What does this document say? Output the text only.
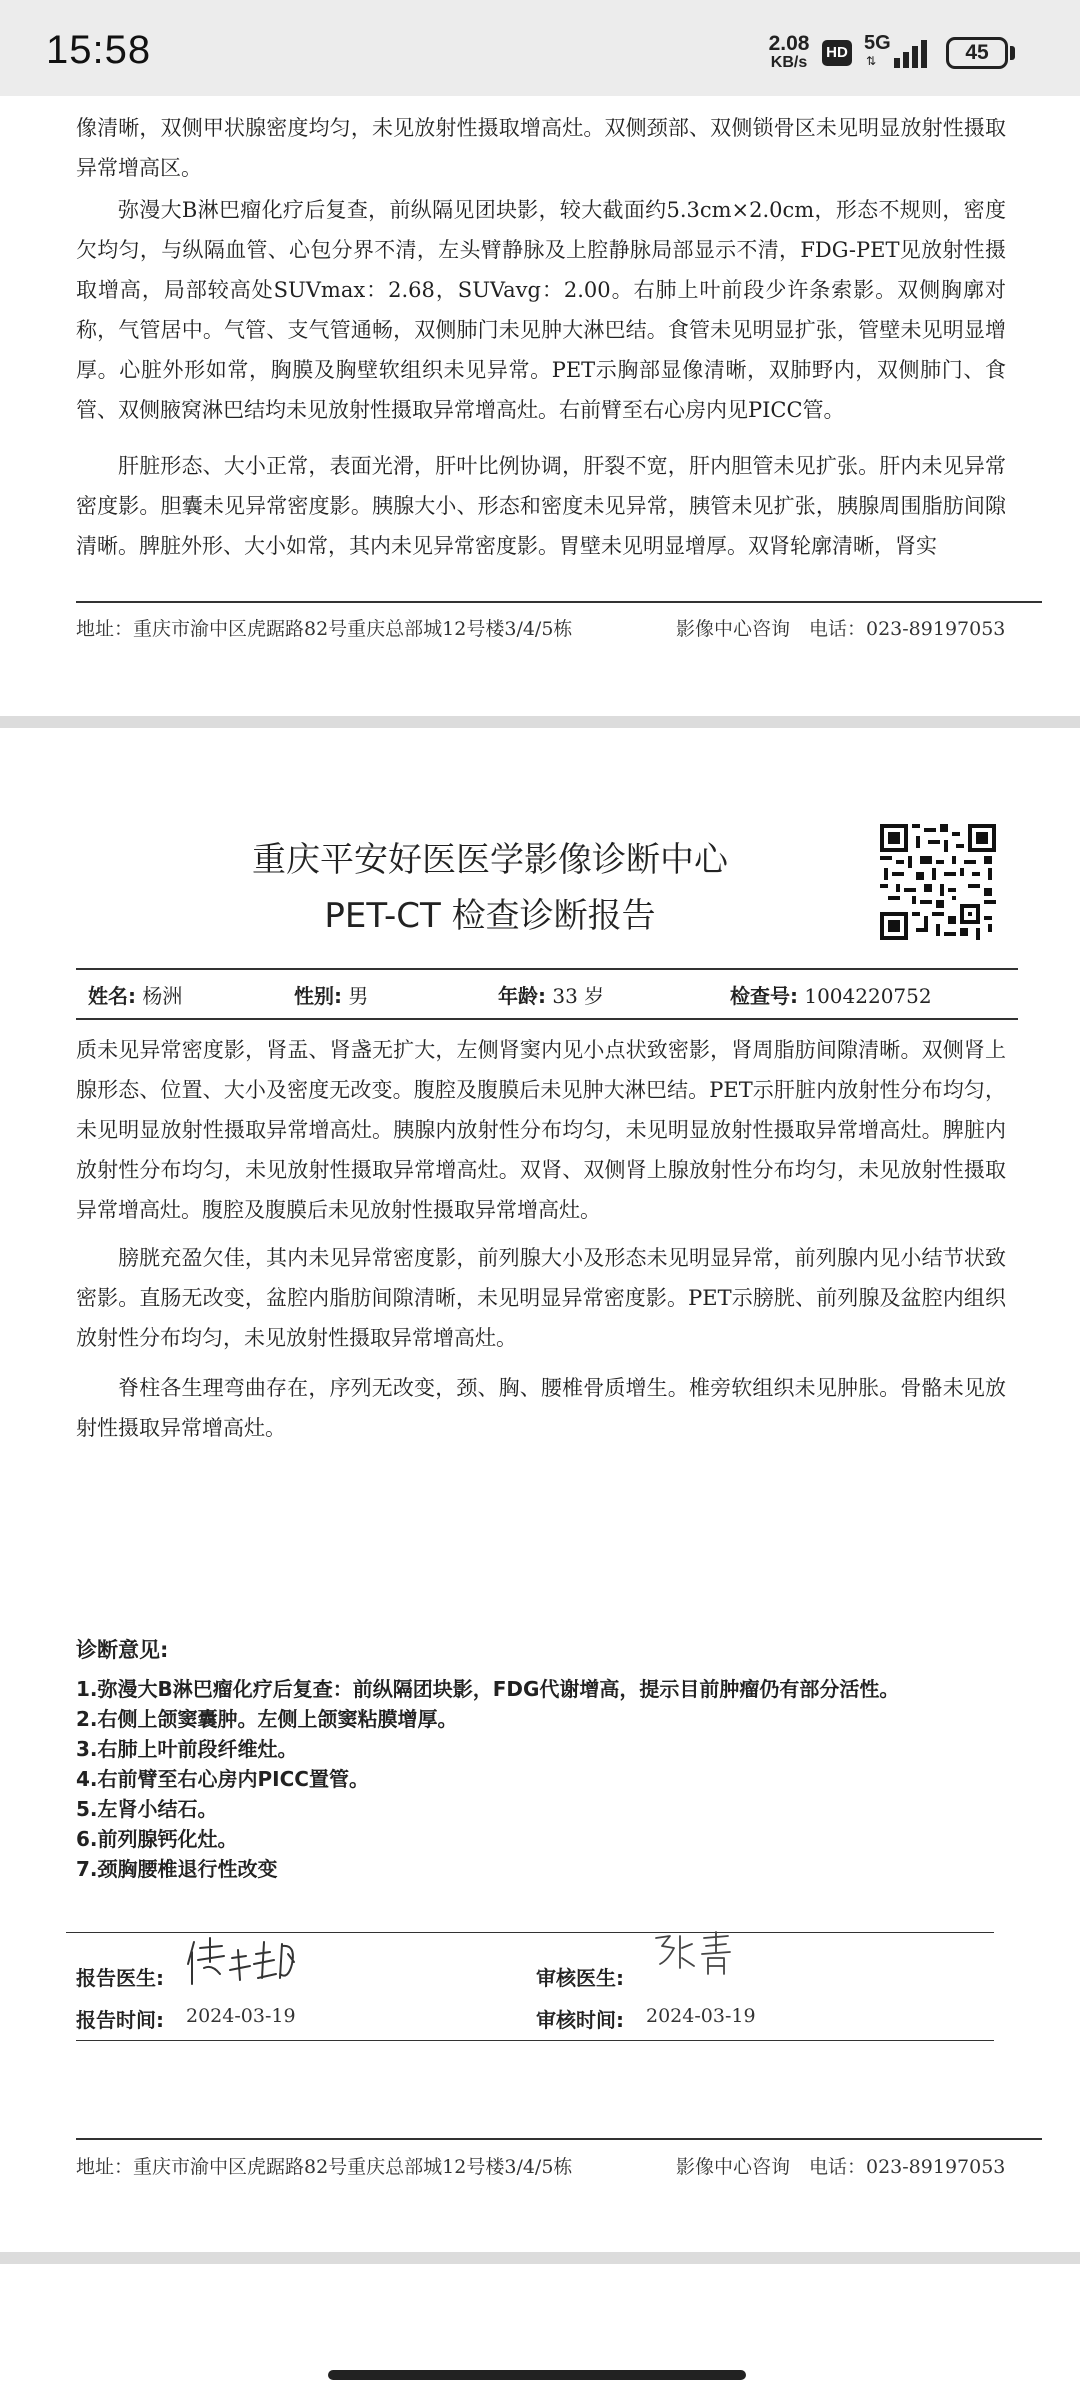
15:58	2.08
KB/s
HD 5G
⇅	45
像清晰，双侧甲状腺密度均匀，未见放射性摄取增高灶。双侧颈部、双侧锁骨区未见明显放射性摄取异常增高区。
弥漫大B淋巴瘤化疗后复查，前纵隔见团块影，较大截面约5.3cm×2.0cm，形态不规则，密度欠均匀，与纵隔血管、心包分界不清，左头臂静脉及上腔静脉局部显示不清，FDG-PET见放射性摄取增高，局部较高处SUVmax：2.68，SUVavg：2.00。右肺上叶前段少许条索影。双侧胸廓对称，气管居中。气管、支气管通畅，双侧肺门未见肿大淋巴结。食管未见明显扩张，管壁未见明显增厚。心脏外形如常，胸膜及胸壁软组织未见异常。PET示胸部显像清晰，双肺野内，双侧肺门、食管、双侧腋窝淋巴结均未见放射性摄取异常增高灶。右前臂至右心房内见PICC管。
肝脏形态、大小正常，表面光滑，肝叶比例协调，肝裂不宽，肝内胆管未见扩张。肝内未见异常密度影。胆囊未见异常密度影。胰腺大小、形态和密度未见异常，胰管未见扩张，胰腺周围脂肪间隙清晰。脾脏外形、大小如常，其内未见异常密度影。胃壁未见明显增厚。双肾轮廓清晰，肾实
地址：重庆市渝中区虎踞路82号重庆总部城12号楼3/4/5栋	影像中心咨询　电话：023-89197053
重庆平安好医医学影像诊断中心
PET-CT 检查诊断报告
姓名: 杨洲	性别: 男	年龄: 33 岁	检查号: 1004220752
质未见异常密度影，肾盂、肾盏无扩大，左侧肾窦内见小点状致密影，肾周脂肪间隙清晰。双侧肾上腺形态、位置、大小及密度无改变。腹腔及腹膜后未见肿大淋巴结。PET示肝脏内放射性分布均匀，未见明显放射性摄取异常增高灶。胰腺内放射性分布均匀，未见明显放射性摄取异常增高灶。脾脏内放射性分布均匀，未见放射性摄取异常增高灶。双肾、双侧肾上腺放射性分布均匀，未见放射性摄取异常增高灶。腹腔及腹膜后未见放射性摄取异常增高灶。
膀胱充盈欠佳，其内未见异常密度影，前列腺大小及形态未见明显异常，前列腺内见小结节状致密影。直肠无改变，盆腔内脂肪间隙清晰，未见明显异常密度影。PET示膀胱、前列腺及盆腔内组织放射性分布均匀，未见放射性摄取异常增高灶。
脊柱各生理弯曲存在，序列无改变，颈、胸、腰椎骨质增生。椎旁软组织未见肿胀。骨骼未见放射性摄取异常增高灶。
诊断意见:
1.弥漫大B淋巴瘤化疗后复查：前纵隔团块影，FDG代谢增高，提示目前肿瘤仍有部分活性。
2.右侧上颌窦囊肿。左侧上颌窦粘膜增厚。
3.右肺上叶前段纤维灶。
4.右前臂至右心房内PICC置管。
5.左肾小结石。
6.前列腺钙化灶。
7.颈胸腰椎退行性改变
报告医生:	审核医生:
报告时间: 2024-03-19	审核时间: 2024-03-19
地址：重庆市渝中区虎踞路82号重庆总部城12号楼3/4/5栋	影像中心咨询　电话：023-89197053
